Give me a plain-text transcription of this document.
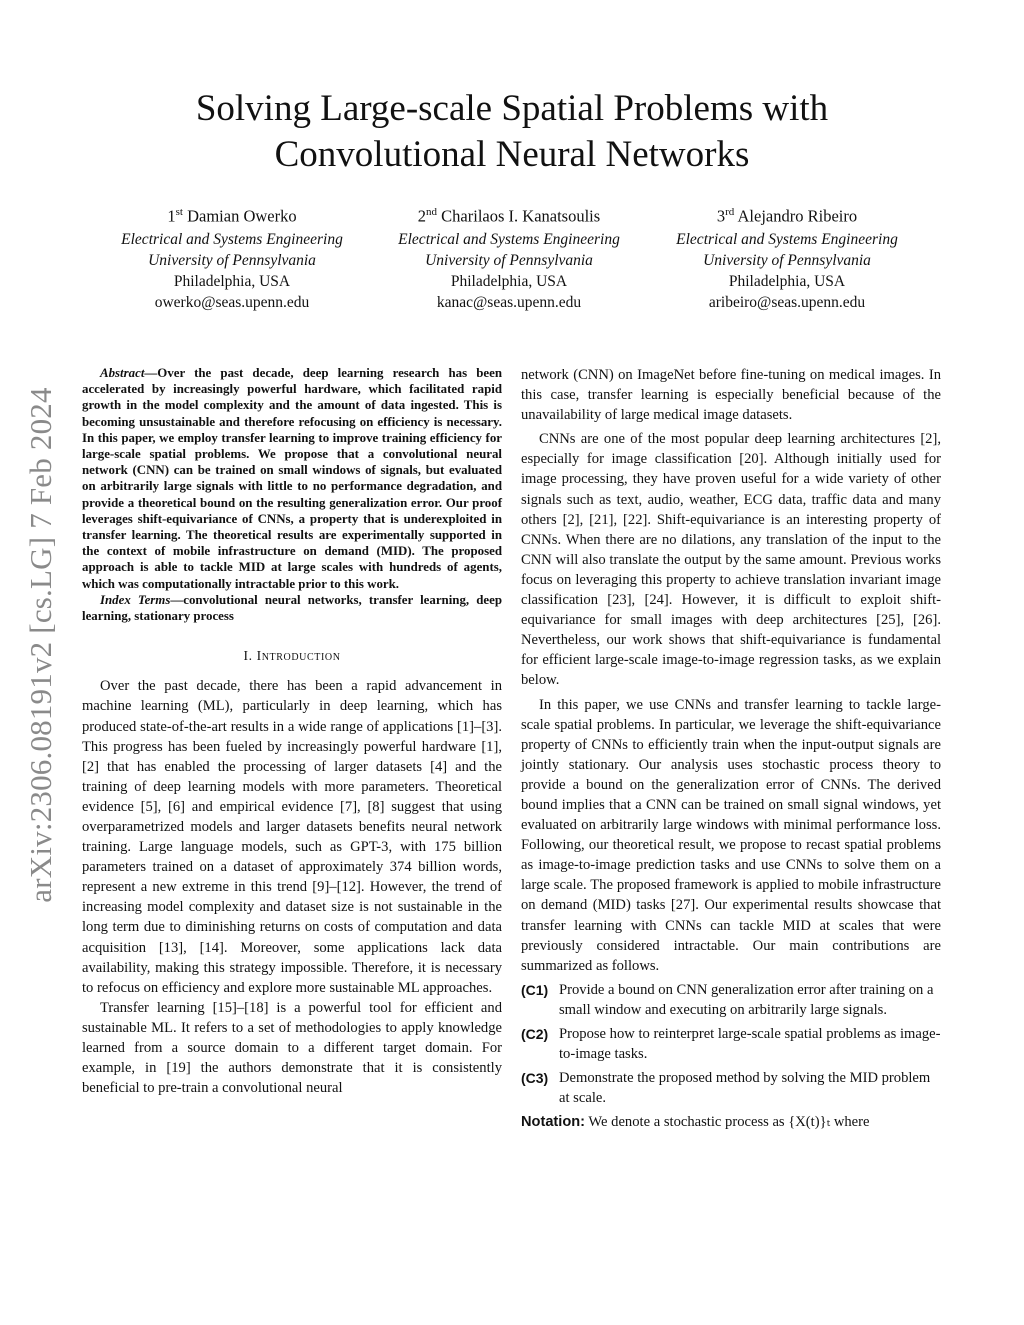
arXiv:2306.08191v2 [cs.LG] 7 Feb 2024
Solving Large-scale Spatial Problems with
Convolutional Neural Networks
1st Damian Owerko
Electrical and Systems Engineering
University of Pennsylvania
Philadelphia, USA
owerko@seas.upenn.edu
2nd Charilaos I. Kanatsoulis
Electrical and Systems Engineering
University of Pennsylvania
Philadelphia, USA
kanac@seas.upenn.edu
3rd Alejandro Ribeiro
Electrical and Systems Engineering
University of Pennsylvania
Philadelphia, USA
aribeiro@seas.upenn.edu

Abstract—Over the past decade, deep learning research has been accelerated by increasingly powerful hardware, which facilitated rapid growth in the model complexity and the amount of data ingested. This is becoming unsustainable and therefore refocusing on efficiency is necessary. In this paper, we employ transfer learning to improve training efficiency for large-scale spatial problems. We propose that a convolutional neural network (CNN) can be trained on small windows of signals, but evaluated on arbitrarily large signals with little to no performance degradation, and provide a theoretical bound on the resulting generalization error. Our proof leverages shift-equivariance of CNNs, a property that is underexploited in transfer learning. The theoretical results are experimentally supported in the context of mobile infrastructure on demand (MID). The proposed approach is able to tackle MID at large scales with hundreds of agents, which was computationally intractable prior to this work.

Index Terms—convolutional neural networks, transfer learning, deep learning, stationary process

I. Introduction

Over the past decade, there has been a rapid advancement in machine learning (ML), particularly in deep learning, which has produced state-of-the-art results in a wide range of applications [1]–[3]. This progress has been fueled by increasingly powerful hardware [1], [2] that has enabled the processing of larger datasets [4] and the training of deep learning models with more parameters. Theoretical evidence [5], [6] and empirical evidence [7], [8] suggest that using overparametrized models and larger datasets benefits neural network training. Large language models, such as GPT-3, with 175 billion parameters trained on a dataset of approximately 374 billion words, represent a new extreme in this trend [9]–[12]. However, the trend of increasing model complexity and dataset size is not sustainable in the long term due to diminishing returns on costs of computation and data acquisition [13], [14]. Moreover, some applications lack data availability, making this strategy impossible. Therefore, it is necessary to refocus on efficiency and explore more sustainable ML approaches.

Transfer learning [15]–[18] is a powerful tool for efficient and sustainable ML. It refers to a set of methodologies to apply knowledge learned from a source domain to a different target domain. For example, in [19] the authors demonstrate that it is consistently beneficial to pre-train a convolutional neural

network (CNN) on ImageNet before fine-tuning on medical images. In this case, transfer learning is especially beneficial because of the unavailability of large medical image datasets.

CNNs are one of the most popular deep learning architectures [2], especially for image classification [20]. Although initially used for image processing, they have proven useful for a wide variety of other signals such as text, audio, weather, ECG data, traffic data and many others [2], [21], [22]. Shift-equivariance is an interesting property of CNNs. When there are no dilations, any translation of the input to the CNN will also translate the output by the same amount. Previous works focus on leveraging this property to achieve translation invariant image classification [23], [24]. However, it is difficult to exploit shift-equivariance for small images with deep architectures [25], [26]. Nevertheless, our work shows that shift-equivariance is fundamental for efficient large-scale image-to-image regression tasks, as we explain below.

In this paper, we use CNNs and transfer learning to tackle large-scale spatial problems. In particular, we leverage the shift-equivariance property of CNNs to efficiently train when the input-output signals are jointly stationary. Our analysis uses stochastic process theory to provide a bound on the generalization error of CNNs. The derived bound implies that a CNN can be trained on small signal windows, yet evaluated on arbitrarily large windows with minimal performance loss. Following, our theoretical result, we propose to recast spatial problems as image-to-image prediction tasks and use CNNs to solve them on a large scale. The proposed framework is applied to mobile infrastructure on demand (MID) tasks [27]. Our experimental results showcase that transfer learning with CNNs can tackle MID at scales that were previously considered intractable. Our main contributions are summarized as follows.

(C1) Provide a bound on CNN generalization error after training on a small window and executing on arbitrarily large signals.
(C2) Propose how to reinterpret large-scale spatial problems as image-to-image tasks.
(C3) Demonstrate the proposed method by solving the MID problem at scale.

Notation: We denote a stochastic process as {X(t)}ₜ where
